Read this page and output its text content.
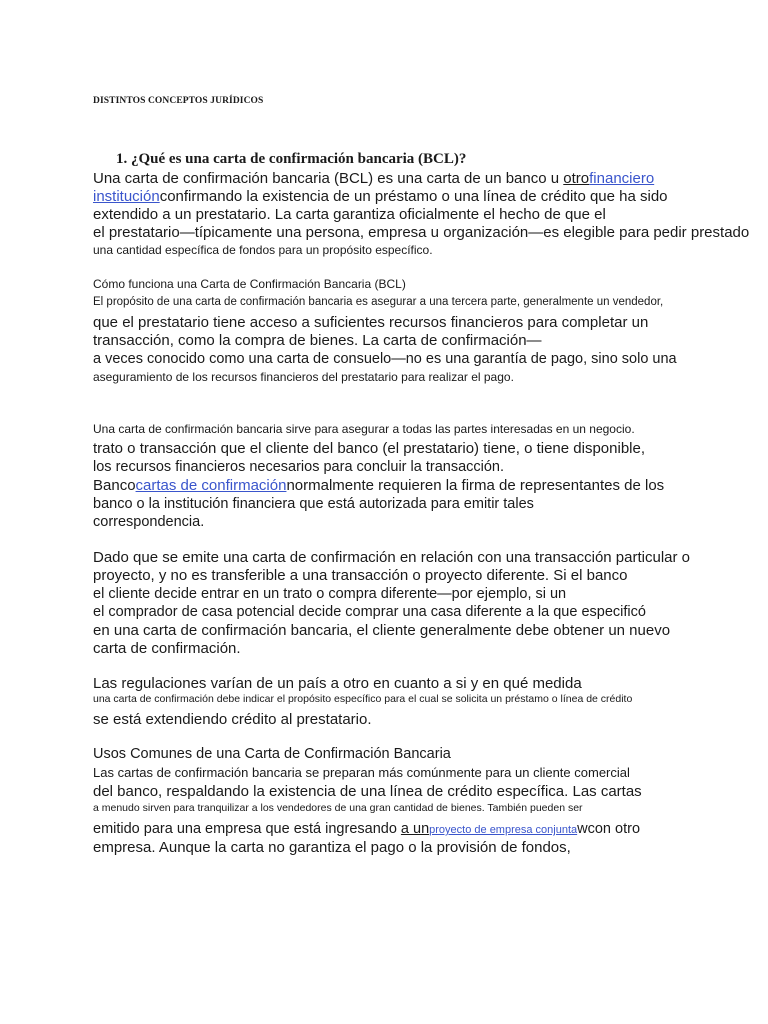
DISTINTOS CONCEPTOS JURÍDICOS
1. ¿Qué es una carta de confirmación bancaria (BCL)?
Una carta de confirmación bancaria (BCL) es una carta de un banco u otrofinanciero
instituciónconfirmando la existencia de un préstamo o una línea de crédito que ha sido
extendido a un prestatario. La carta garantiza oficialmente el hecho de que el
el prestatario—típicamente una persona, empresa u organización—es elegible para pedir prestado
una cantidad específica de fondos para un propósito específico.
Cómo funciona una Carta de Confirmación Bancaria (BCL)
El propósito de una carta de confirmación bancaria es asegurar a una tercera parte, generalmente un vendedor,
que el prestatario tiene acceso a suficientes recursos financieros para completar un
transacción, como la compra de bienes. La carta de confirmación—
a veces conocido como una carta de consuelo—no es una garantía de pago, sino solo una
aseguramiento de los recursos financieros del prestatario para realizar el pago.
Una carta de confirmación bancaria sirve para asegurar a todas las partes interesadas en un negocio.
trato o transacción que el cliente del banco (el prestatario) tiene, o tiene disponible,
los recursos financieros necesarios para concluir la transacción.
Bancocartas de confirmaciónnormalmente requieren la firma de representantes de los
banco o la institución financiera que está autorizada para emitir tales
correspondencia.
Dado que se emite una carta de confirmación en relación con una transacción particular o
proyecto, y no es transferible a una transacción o proyecto diferente. Si el banco
el cliente decide entrar en un trato o compra diferente—por ejemplo, si un
el comprador de casa potencial decide comprar una casa diferente a la que especificó
en una carta de confirmación bancaria, el cliente generalmente debe obtener un nuevo
carta de confirmación.
Las regulaciones varían de un país a otro en cuanto a si y en qué medida
una carta de confirmación debe indicar el propósito específico para el cual se solicita un préstamo o línea de crédito
se está extendiendo crédito al prestatario.
Usos Comunes de una Carta de Confirmación Bancaria
Las cartas de confirmación bancaria se preparan más comúnmente para un cliente comercial
del banco, respaldando la existencia de una línea de crédito específica. Las cartas
a menudo sirven para tranquilizar a los vendedores de una gran cantidad de bienes. También pueden ser
emitido para una empresa que está ingresando a unproyecto de empresa conjuntawcon otro
empresa. Aunque la carta no garantiza el pago o la provisión de fondos,
